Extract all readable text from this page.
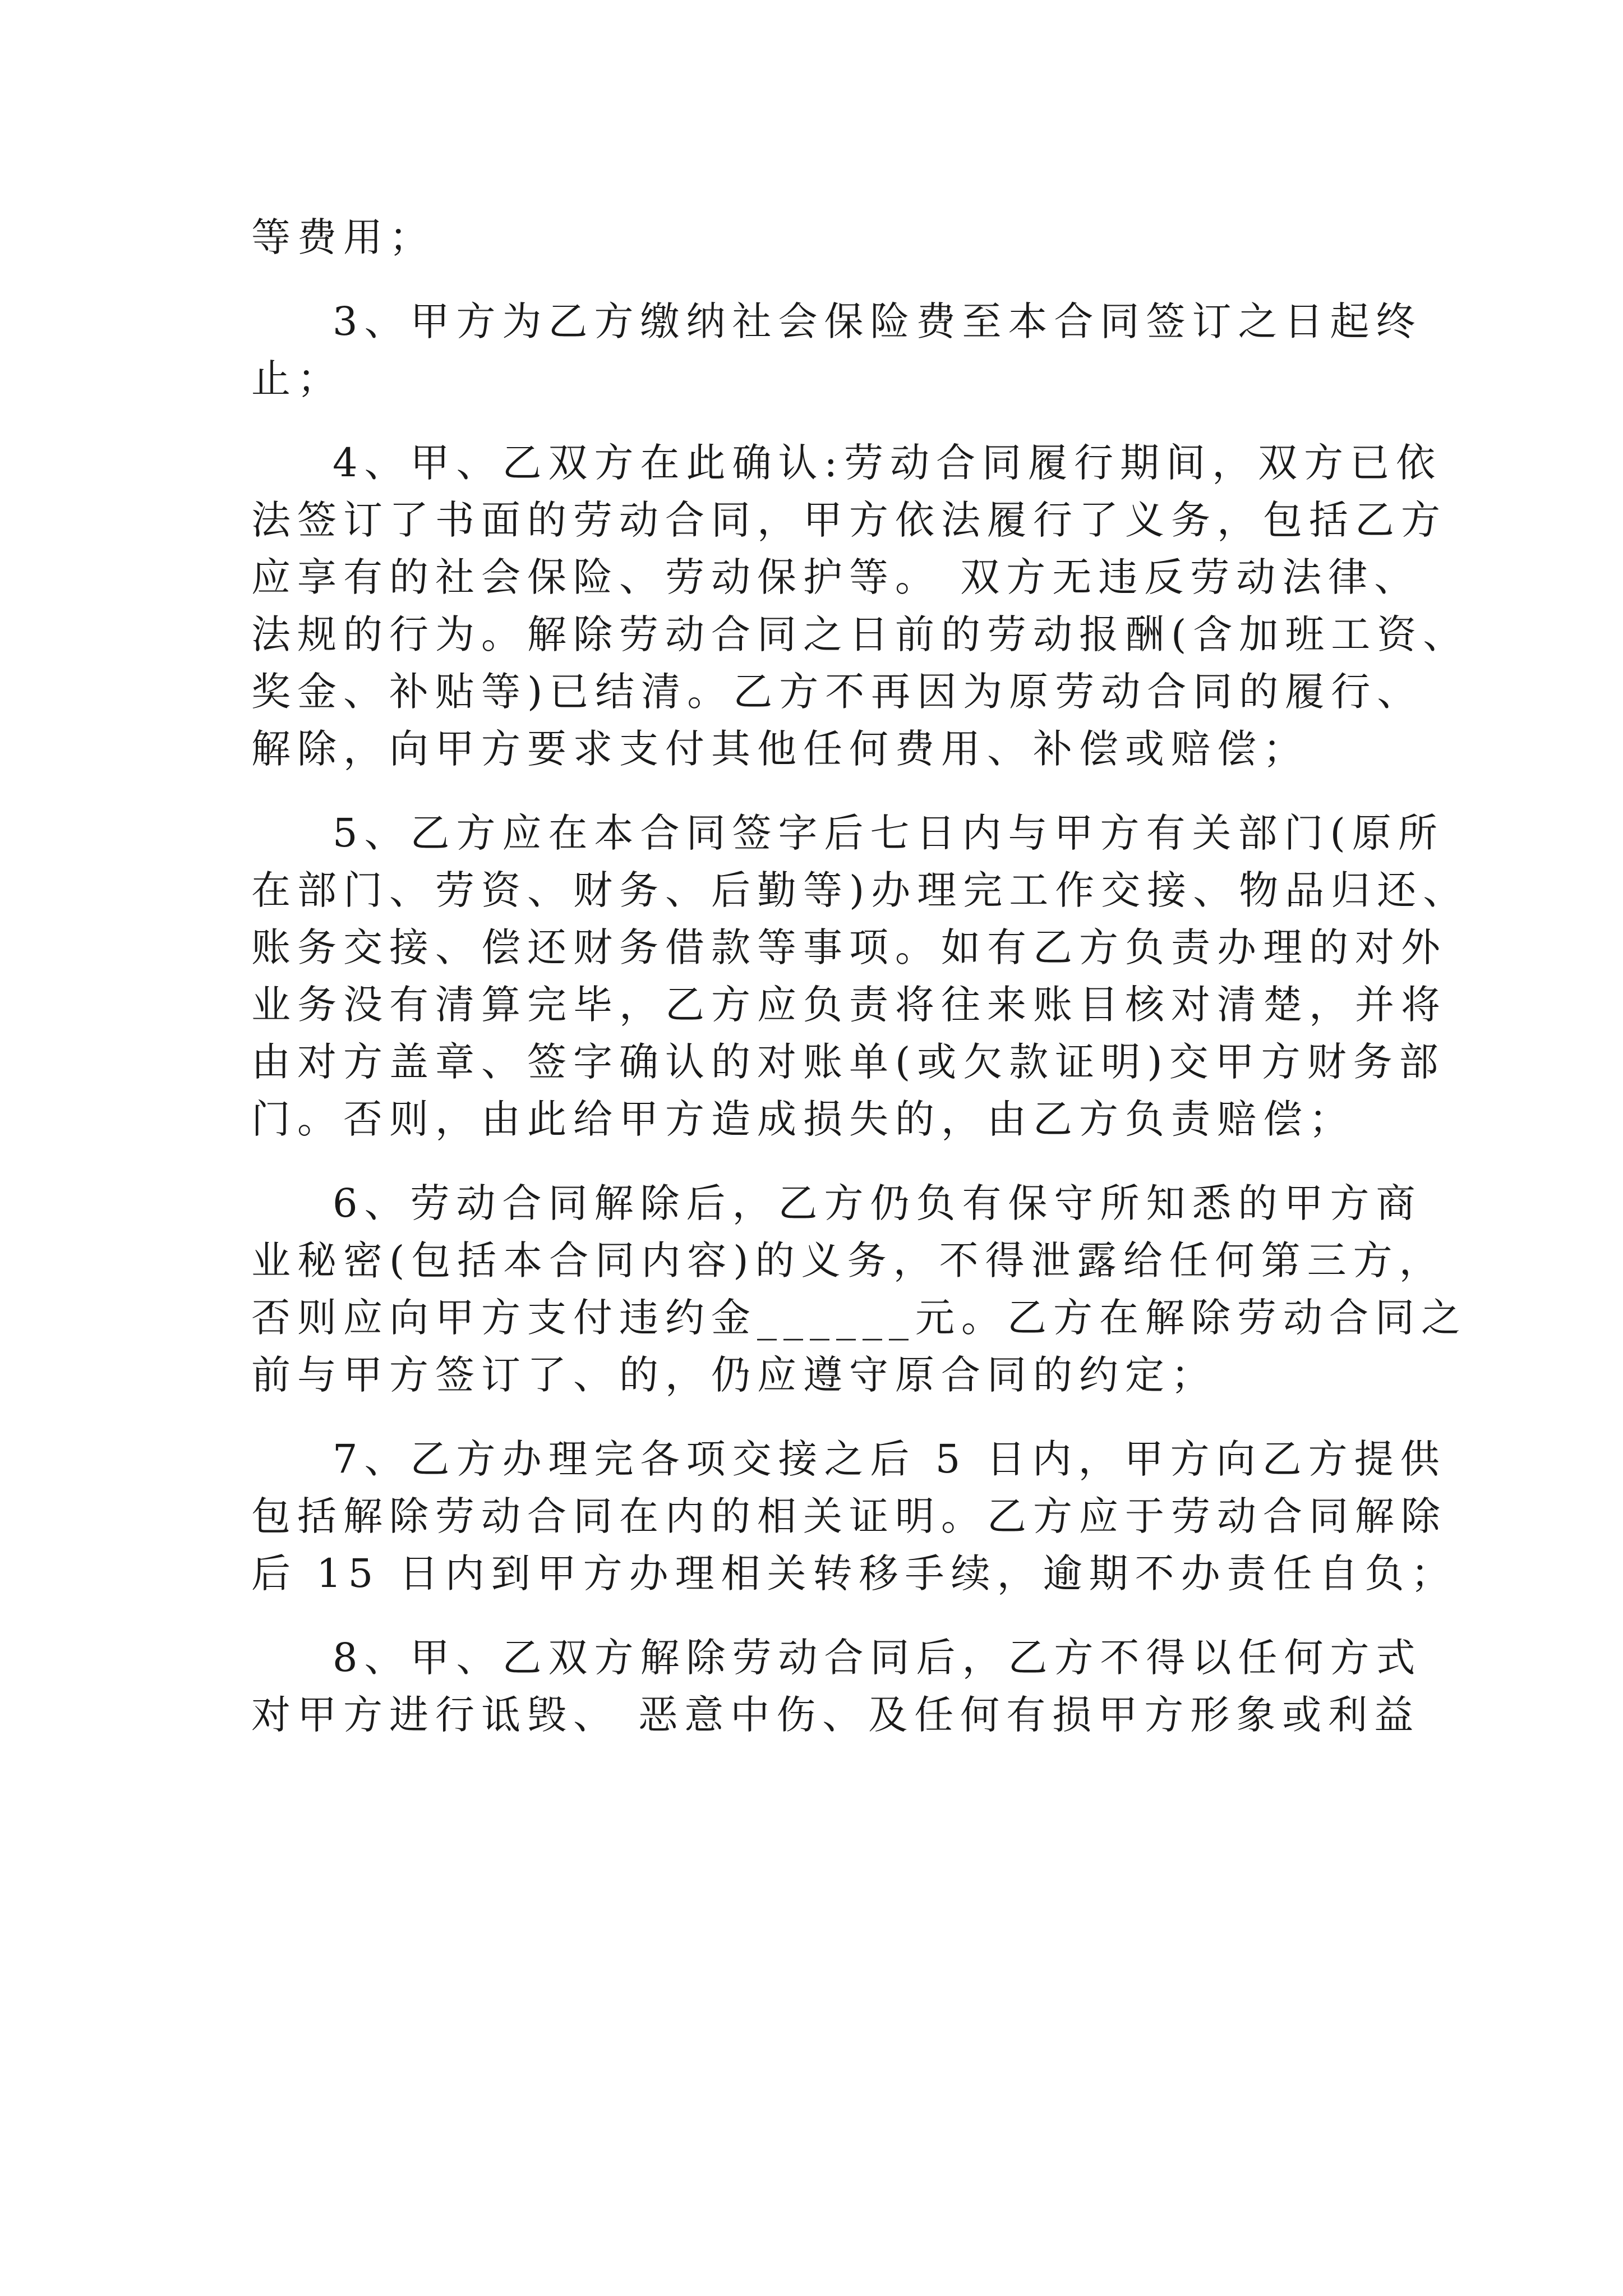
等费用；
3、甲方为乙方缴纳社会保险费至本合同签订之日起终
止；
4、甲、乙双方在此确认:劳动合同履行期间，双方已依
法签订了书面的劳动合同，甲方依法履行了义务，包括乙方
应享有的社会保险、劳动保护等。 双方无违反劳动法律、
法规的行为。解除劳动合同之日前的劳动报酬(含加班工资、
奖金、补贴等)已结清。乙方不再因为原劳动合同的履行、
解除，向甲方要求支付其他任何费用、补偿或赔偿；
5、乙方应在本合同签字后七日内与甲方有关部门(原所
在部门、劳资、财务、后勤等)办理完工作交接、物品归还、
账务交接、偿还财务借款等事项。如有乙方负责办理的对外
业务没有清算完毕，乙方应负责将往来账目核对清楚，并将
由对方盖章、签字确认的对账单(或欠款证明)交甲方财务部
门。否则，由此给甲方造成损失的，由乙方负责赔偿；
6、劳动合同解除后，乙方仍负有保守所知悉的甲方商
业秘密(包括本合同内容)的义务，不得泄露给任何第三方，
否则应向甲方支付违约金______元。乙方在解除劳动合同之
前与甲方签订了、的，仍应遵守原合同的约定；
7、乙方办理完各项交接之后 5 日内，甲方向乙方提供
包括解除劳动合同在内的相关证明。乙方应于劳动合同解除
后 15 日内到甲方办理相关转移手续，逾期不办责任自负；
8、甲、乙双方解除劳动合同后，乙方不得以任何方式
对甲方进行诋毁、 恶意中伤、及任何有损甲方形象或利益
